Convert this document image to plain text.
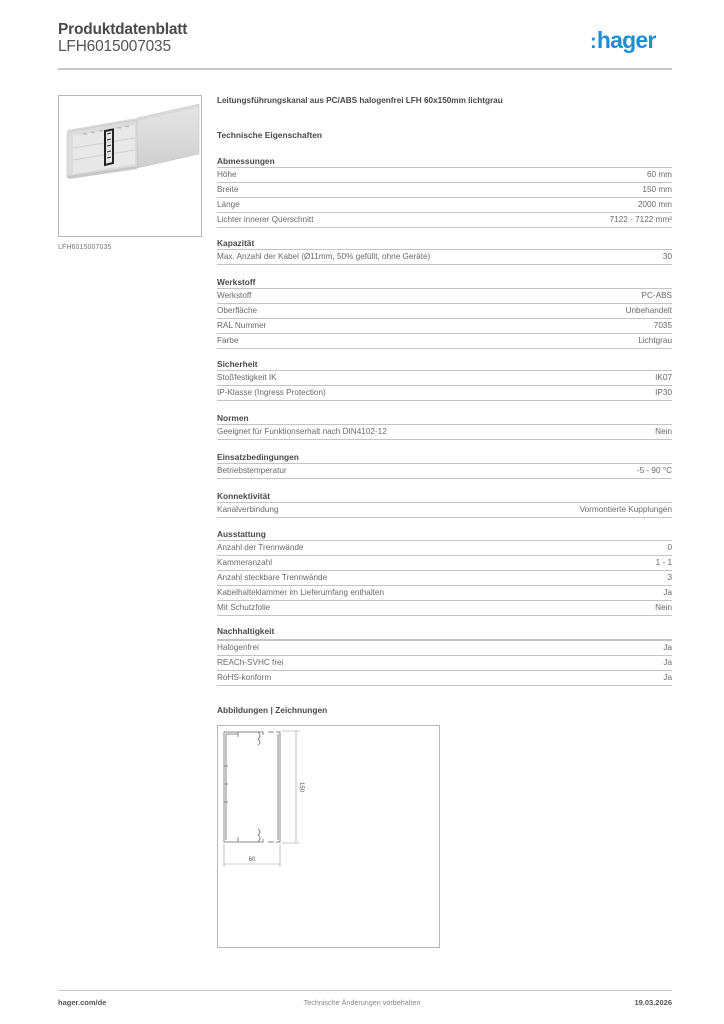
Produktdatenblatt
LFH6015007035	:hager
LFH6015007035
Leitungsführungskanal aus PC/ABS halogenfrei LFH 60x150mm lichtgrau
Technische Eigenschaften
Abmessungen
Höhe	60 mm
Breite	150 mm
Länge	2000 mm
Lichter innerer Querschnitt	7122 - 7122 mm²
Kapazität
Max. Anzahl der Kabel (Ø11mm, 50% gefüllt, ohne Geräte)	30
Werkstoff
Werkstoff	PC-ABS
Oberfläche	Unbehandelt
RAL Nummer	7035
Farbe	Lichtgrau
Sicherheit
Stoßfestigkeit IK	IK07
IP-Klasse (Ingress Protection)	IP30
Normen
Geeignet für Funktionserhalt nach DIN4102-12	Nein
Einsatzbedingungen
Betriebstemperatur	-5 - 90 °C
Konnektivität
Kanalverbindung	Vormontierte Kupplungen
Ausstattung
Anzahl der Trennwände	0
Kammeranzahl	1 - 1
Anzahl steckbare Trennwände	3
Kabelhalteklammer im Lieferumfang enthalten	Ja
Mit Schutzfolie	Nein
Nachhaltigkeit
Halogenfrei	Ja
REACh-SVHC frei	Ja
RoHS-konform	Ja
Abbildungen | Zeichnungen
150
60
hager.com/de	Technische Änderungen vorbehalten	19.03.2026
